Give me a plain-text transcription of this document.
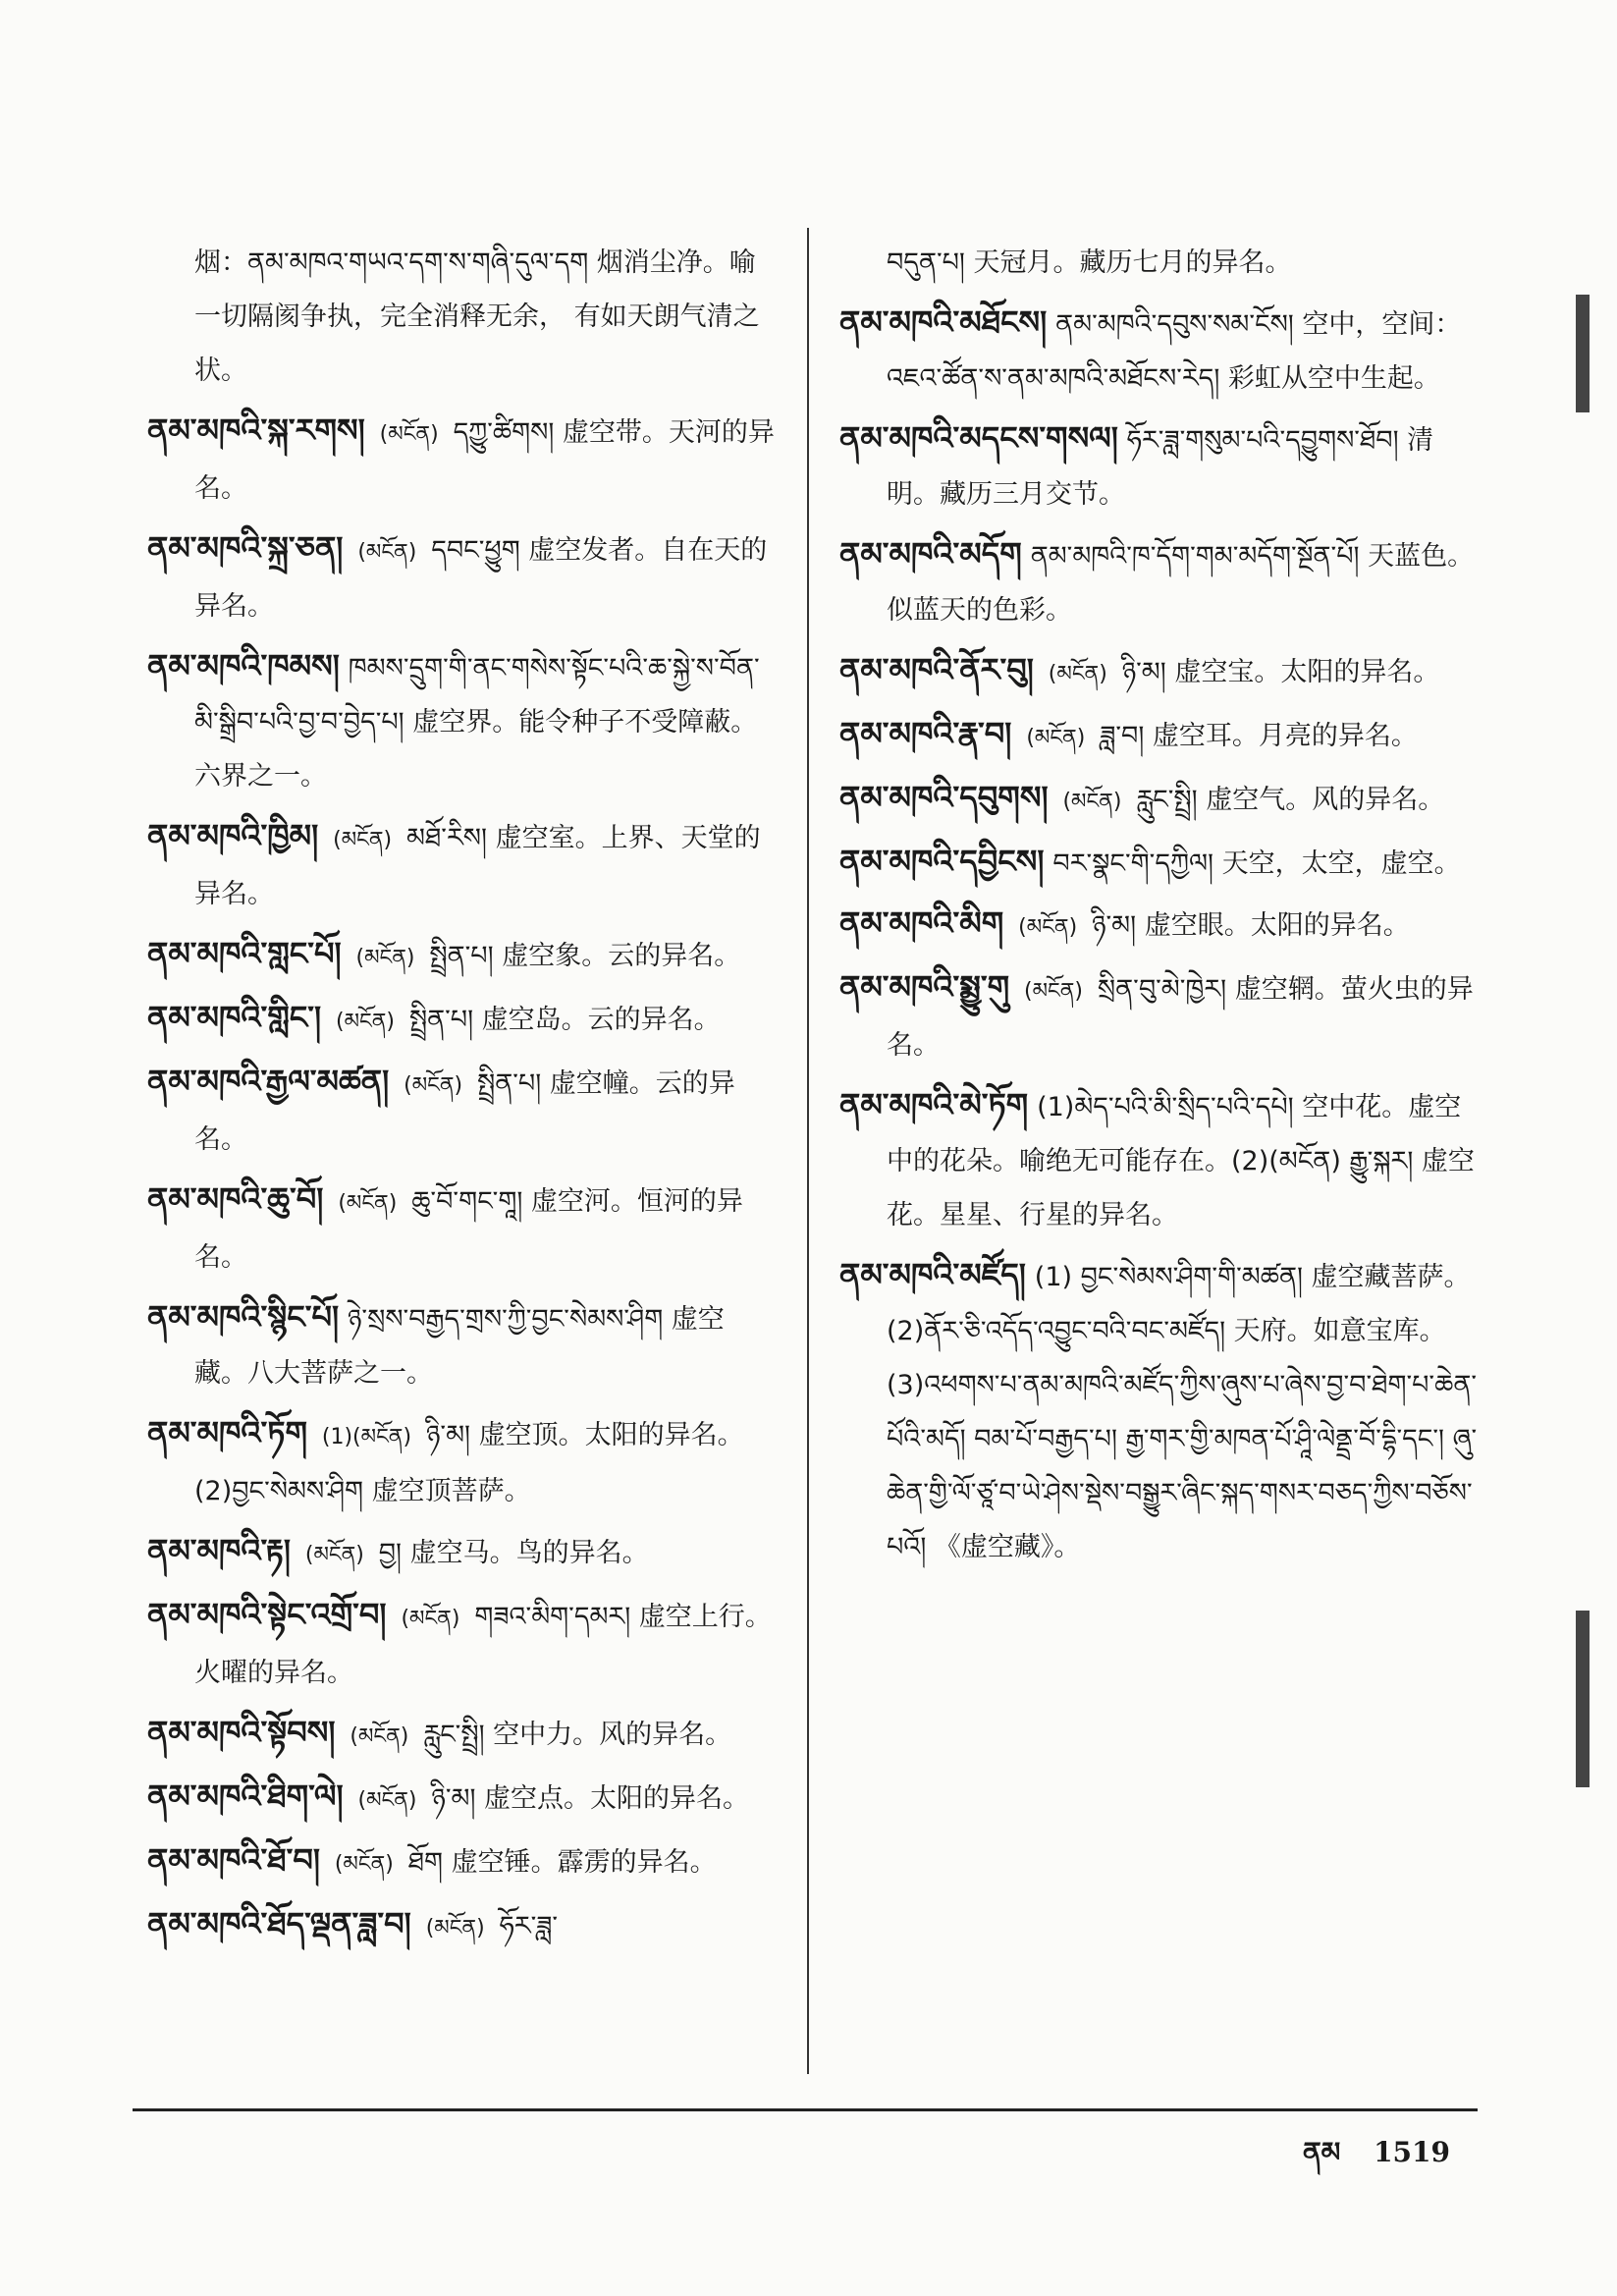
烟：ནམ་མཁའ་གཡའ་དག་ས་གཞི་དུལ་དག 烟消尘净。喻一切隔阂争执，完全消释无余， 有如天朗气清之状。
ནམ་མཁའི་སྐ་རགས། (མངོན) དཀྱུ་ཚིགས། 虚空带。天河的异名。
ནམ་མཁའི་སྐྲ་ཅན། (མངོན) དབང་ཕྱུག 虚空发者。自在天的异名。
ནམ་མཁའི་ཁམས། ཁམས་དྲུག་གི་ནང་གསེས་སྟོང་པའི་ཆ་སྐྱེ་ས་བོན་མི་སྒྲིབ་པའི་བྱ་བ་བྱེད་པ། 虚空界。能令种子不受障蔽。六界之一。
ནམ་མཁའི་ཁྱིམ། (མངོན) མཐོ་རིས། 虚空室。上界、天堂的异名。
ནམ་མཁའི་གླང་པོ། (མངོན) སྤྲིན་པ། 虚空象。云的异名。
ནམ་མཁའི་གླིང་། (མངོན) སྤྲིན་པ། 虚空岛。云的异名。
ནམ་མཁའི་རྒྱལ་མཚན། (མངོན) སྤྲིན་པ། 虚空幢。云的异名。
ནམ་མཁའི་ཆུ་བོ། (མངོན) ཆུ་བོ་གང་གཱ། 虚空河。恒河的异名。
ནམ་མཁའི་སྙིང་པོ། ཉེ་སྲས་བརྒྱད་གྲས་ཀྱི་བྱང་སེམས་ཤིག 虚空藏。八大菩萨之一。
ནམ་མཁའི་ཏོག (1)(མངོན) ཉི་མ། 虚空顶。太阳的异名。(2)བྱང་སེམས་ཤིག 虚空顶菩萨。
ནམ་མཁའི་རྟ། (མངོན) བྱ། 虚空马。鸟的异名。
ནམ་མཁའི་སྟེང་འགྲོ་བ། (མངོན) གཟའ་མིག་དམར། 虚空上行。火曜的异名。
ནམ་མཁའི་སྟོབས། (མངོན) རླུང་སྤྲི། 空中力。风的异名。
ནམ་མཁའི་ཐིག་ལེ། (མངོན) ཉི་མ། 虚空点。太阳的异名。
ནམ་མཁའི་ཐོ་བ། (མངོན) ཐོག 虚空锤。霹雳的异名。
ནམ་མཁའི་ཐོད་ལྡན་ཟླ་བ། (མངོན) ཧོར་ཟླ་
བདུན་པ། 天冠月。藏历七月的异名。
ནམ་མཁའི་མཐོངས། ནམ་མཁའི་དབུས་སམ་ངོས། 空中，空间：འཇའ་ཚོན་ས་ནམ་མཁའི་མཐོངས་རེད། 彩虹从空中生起。
ནམ་མཁའི་མདངས་གསལ། ཧོར་ཟླ་གསུམ་པའི་དབྱུགས་ཐོབ། 清明。藏历三月交节。
ནམ་མཁའི་མདོག ནམ་མཁའི་ཁ་དོག་གམ་མདོག་སྔོན་པོ། 天蓝色。似蓝天的色彩。
ནམ་མཁའི་ནོར་བུ། (མངོན) ཉི་མ། 虚空宝。太阳的异名。
ནམ་མཁའི་རྣ་བ། (མངོན) ཟླ་བ། 虚空耳。月亮的异名。
ནམ་མཁའི་དབུགས། (མངོན) རླུང་སྤྲི། 虚空气。风的异名。
ནམ་མཁའི་དབྱིངས། བར་སྣང་གི་དཀྱིལ། 天空，太空，虚空。
ནམ་མཁའི་མིག (མངོན) ཉི་མ། 虚空眼。太阳的异名。
ནམ་མཁའི་སྨྱུ་གུ (མངོན) སྲིན་བུ་མེ་ཁྱེར། 虚空辋。萤火虫的异名。
ནམ་མཁའི་མེ་ཏོག (1)མེད་པའི་མི་སྲིད་པའི་དཔེ། 空中花。虚空中的花朵。喻绝无可能存在。(2)(མངོན) རྒྱུ་སྐར། 虚空花。星星、行星的异名。
ནམ་མཁའི་མཛོད། (1) བྱང་སེམས་ཤིག་གི་མཚན། 虚空藏菩萨。(2)ནོར་ཅི་འདོད་འབྱུང་བའི་བང་མཛོད། 天府。如意宝库。(3)འཕགས་པ་ནམ་མཁའི་མཛོད་ཀྱིས་ཞུས་པ་ཞེས་བྱ་བ་ཐེག་པ་ཆེན་པོའི་མདོ། བམ་པོ་བརྒྱད་པ། རྒྱ་གར་གྱི་མཁན་པོ་ཤཱི་ལེནྡྲ་བོ་དྷི་དང་། ཞུ་ཆེན་གྱི་ལོ་ཙཱ་བ་ཡེ་ཤེས་སྡེས་བསྒྱུར་ཞིང་སྐད་གསར་བཅད་ཀྱིས་བཅོས་པའོ། 《虚空藏》。
ནམ 1519
